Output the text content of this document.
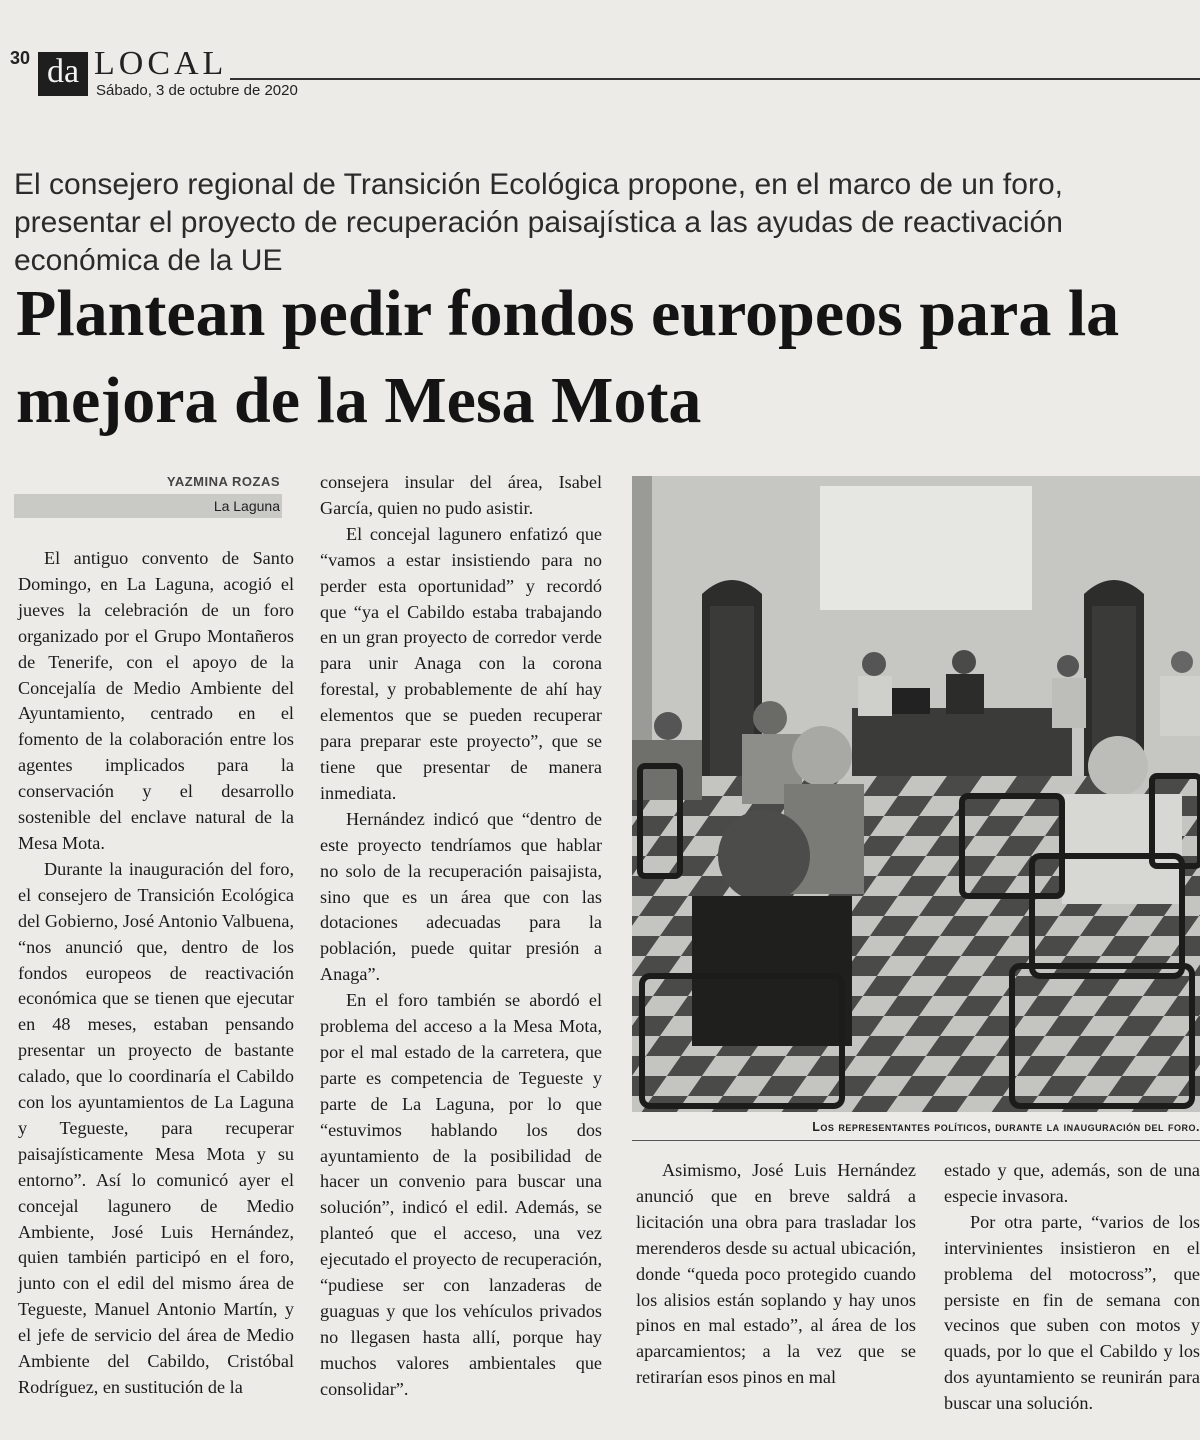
30 da LOCAL
Sábado, 3 de octubre de 2020
El consejero regional de Transición Ecológica propone, en el marco de un foro, presentar el proyecto de recuperación paisajística a las ayudas de reactivación económica de la UE
Plantean pedir fondos europeos para la mejora de la Mesa Mota
YAZMINA ROZAS
La Laguna

El antiguo convento de Santo Domingo, en La Laguna, acogió el jueves la celebración de un foro organizado por el Grupo Montañeros de Tenerife, con el apoyo de la Concejalía de Medio Ambiente del Ayuntamiento, centrado en el fomento de la colaboración entre los agentes implicados para la conservación y el desarrollo sostenible del enclave natural de la Mesa Mota.

Durante la inauguración del foro, el consejero de Transición Ecológica del Gobierno, José Antonio Valbuena, “nos anunció que, dentro de los fondos europeos de reactivación económica que se tienen que ejecutar en 48 meses, estaban pensando presentar un proyecto de bastante calado, que lo coordinaría el Cabildo con los ayuntamientos de La Laguna y Tegueste, para recuperar paisajísticamente Mesa Mota y su entorno”. Así lo comunicó ayer el concejal lagunero de Medio Ambiente, José Luis Hernández, quien también participó en el foro, junto con el edil del mismo área de Tegueste, Manuel Antonio Martín, y el jefe de servicio del área de Medio Ambiente del Cabildo, Cristóbal Rodríguez, en sustitución de la

consejera insular del área, Isabel García, quien no pudo asistir.

El concejal lagunero enfatizó que “vamos a estar insistiendo para no perder esta oportunidad” y recordó que “ya el Cabildo estaba trabajando en un gran proyecto de corredor verde para unir Anaga con la corona forestal, y probablemente de ahí hay elementos que se pueden recuperar para preparar este proyecto”, que se tiene que presentar de manera inmediata.

Hernández indicó que “dentro de este proyecto tendríamos que hablar no solo de la recuperación paisajista, sino que es un área que con las dotaciones adecuadas para la población, puede quitar presión a Anaga”.

En el foro también se abordó el problema del acceso a la Mesa Mota, por el mal estado de la carretera, que parte es competencia de Tegueste y parte de La Laguna, por lo que “estuvimos hablando los dos ayuntamiento de la posibilidad de hacer un convenio para buscar una solución”, indicó el edil. Además, se planteó que el acceso, una vez ejecutado el proyecto de recuperación, “pudiese ser con lanzaderas de guaguas y que los vehículos privados no llegasen hasta allí, porque hay muchos valores ambientales que consolidar”.

Los representantes políticos, durante la inauguración del foro.

Asimismo, José Luis Hernández anunció que en breve saldrá a licitación una obra para trasladar los merenderos desde su actual ubicación, donde “queda poco protegido cuando los alisios están soplando y hay unos pinos en mal estado”, al área de los aparcamientos; a la vez que se retirarían esos pinos en mal

estado y que, además, son de una especie invasora.

Por otra parte, “varios de los intervinientes insistieron en el problema del motocross”, que persiste en fin de semana con vecinos que suben con motos y quads, por lo que el Cabildo y los dos ayuntamiento se reunirán para buscar una solución.
